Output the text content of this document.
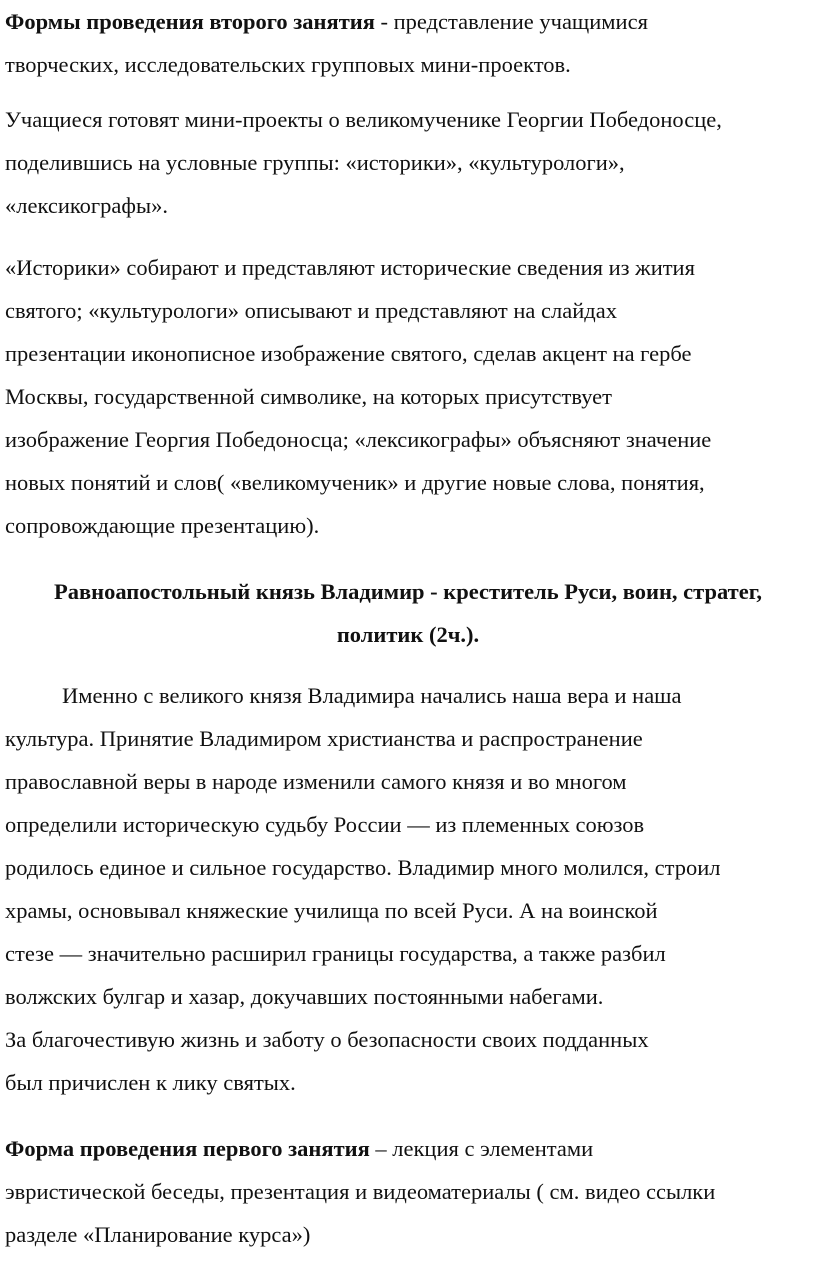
Формы проведения второго занятия - представление учащимися
творческих, исследовательских групповых мини-проектов.
Учащиеся готовят мини-проекты о великомученике Георгии Победоносце,
поделившись на условные группы: «историки», «культурологи»,
«лексикографы».
«Историки» собирают и представляют исторические сведения из жития
святого; «культурологи» описывают и представляют на слайдах
презентации иконописное изображение святого, сделав акцент на гербе
Москвы, государственной символике, на которых присутствует
изображение Георгия Победоносца; «лексикографы» объясняют значение
новых понятий и слов( «великомученик» и другие новые слова, понятия,
сопровождающие презентацию).
Равноапостольный князь Владимир - креститель Руси, воин, стратег,
политик (2ч.).
Именно с великого князя Владимира начались наша вера и наша
культура. Принятие Владимиром христианства и распространение
православной веры в народе изменили самого князя и во многом
определили историческую судьбу России — из племенных союзов
родилось единое и сильное государство. Владимир много молился, строил
храмы, основывал княжеские училища по всей Руси. А на воинской
стезе — значительно расширил границы государства, а также разбил
волжских булгар и хазар, докучавших постоянными набегами.
За благочестивую жизнь и заботу о безопасности своих подданных
был причислен к лику святых.
Форма проведения первого занятия – лекция с элементами
эвристической беседы, презентация и видеоматериалы ( см. видео ссылки
разделе «Планирование курса»)
